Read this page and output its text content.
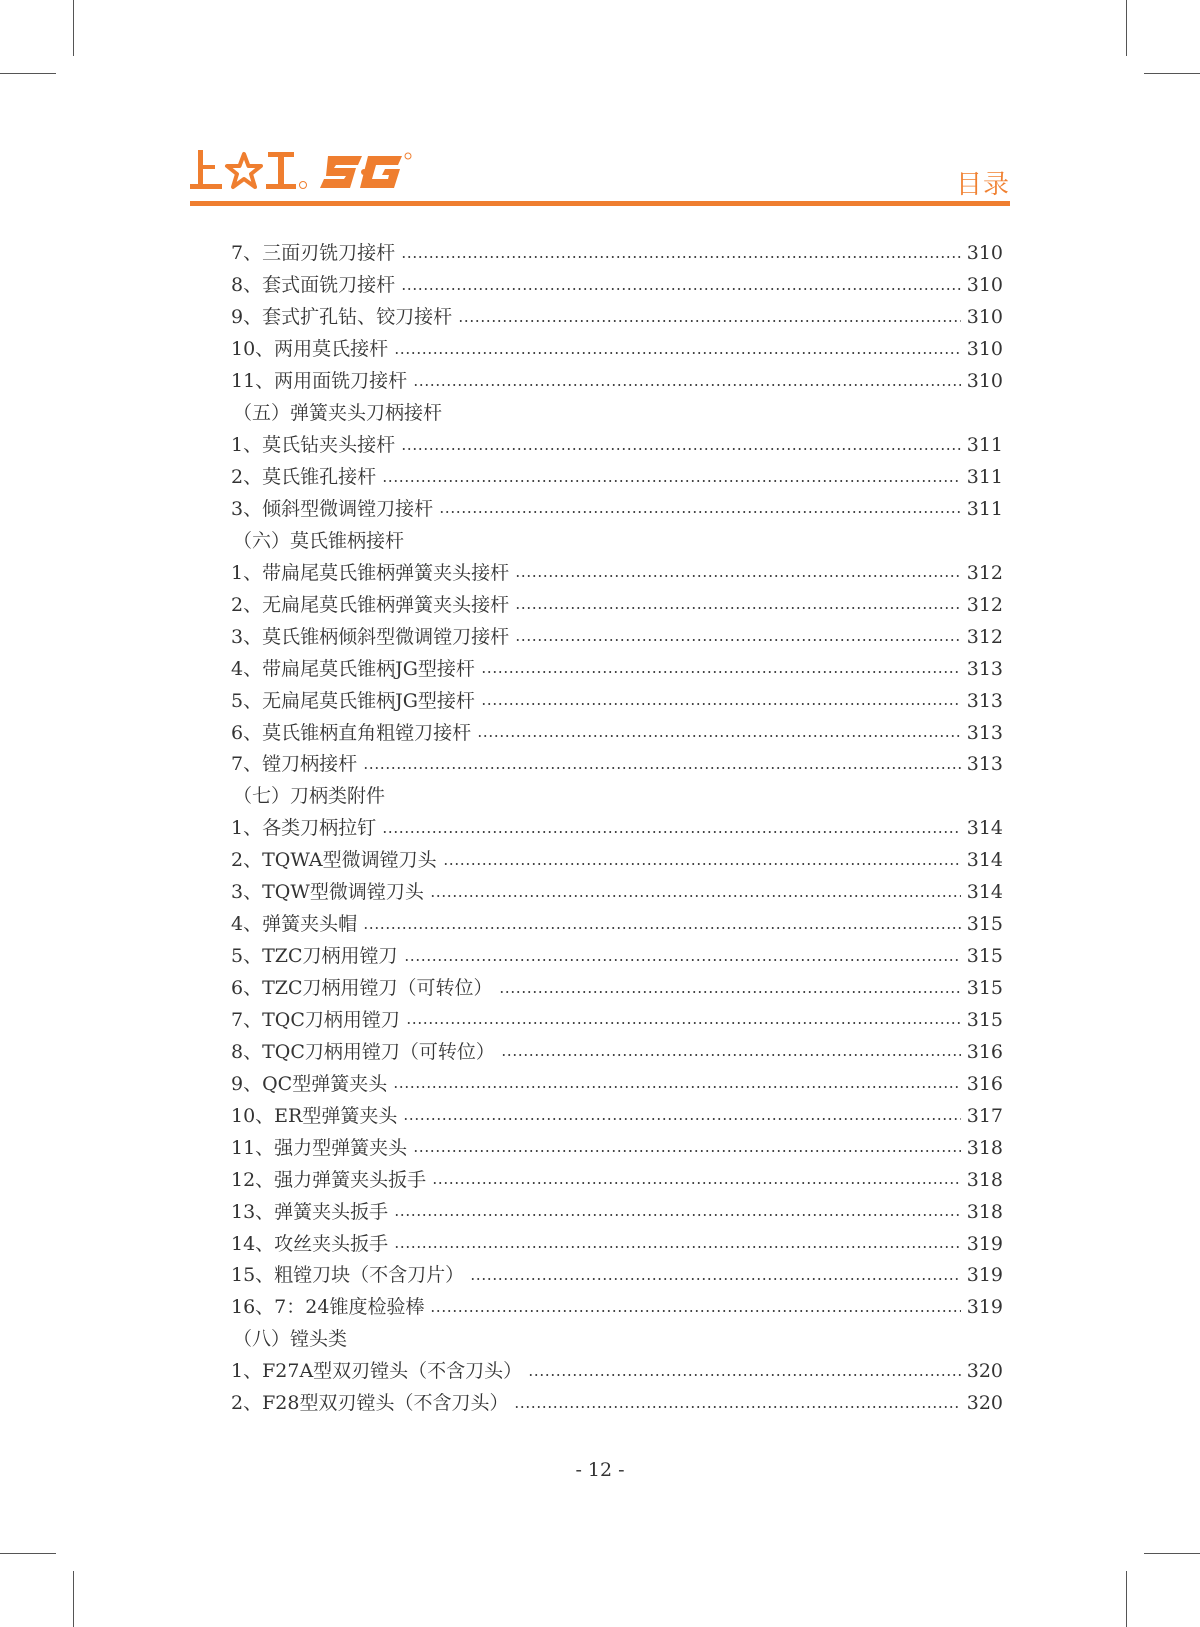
目录
7、三面刃铣刀接杆	310
8、套式面铣刀接杆	310
9、套式扩孔钻、铰刀接杆	310
10、两用莫氏接杆	310
11、两用面铣刀接杆	310
（五）弹簧夹头刀柄接杆
1、莫氏钻夹头接杆	311
2、莫氏锥孔接杆	311
3、倾斜型微调镗刀接杆	311
（六）莫氏锥柄接杆
1、带扁尾莫氏锥柄弹簧夹头接杆	312
2、无扁尾莫氏锥柄弹簧夹头接杆	312
3、莫氏锥柄倾斜型微调镗刀接杆	312
4、带扁尾莫氏锥柄JG型接杆	313
5、无扁尾莫氏锥柄JG型接杆	313
6、莫氏锥柄直角粗镗刀接杆	313
7、镗刀柄接杆	313
（七）刀柄类附件
1、各类刀柄拉钉	314
2、TQWA型微调镗刀头	314
3、TQW型微调镗刀头	314
4、弹簧夹头帽	315
5、TZC刀柄用镗刀	315
6、TZC刀柄用镗刀（可转位）	315
7、TQC刀柄用镗刀	315
8、TQC刀柄用镗刀（可转位）	316
9、QC型弹簧夹头	316
10、ER型弹簧夹头	317
11、强力型弹簧夹头	318
12、强力弹簧夹头扳手	318
13、弹簧夹头扳手	318
14、攻丝夹头扳手	319
15、粗镗刀块（不含刀片）	319
16、7：24锥度检验棒	319
（八）镗头类
1、F27A型双刃镗头（不含刀头）	320
2、F28型双刃镗头（不含刀头）	320
- 12 -
